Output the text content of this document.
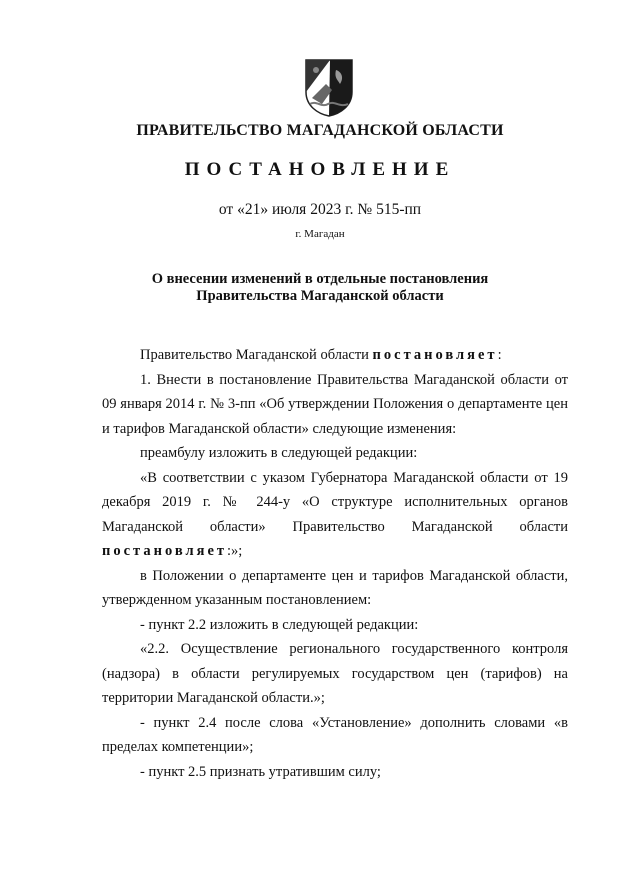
ПРАВИТЕЛЬСТВО МАГАДАНСКОЙ ОБЛАСТИ
ПОСТАНОВЛЕНИЕ
от «21» июля 2023 г. № 515-пп
г. Магадан
О внесении изменений в отдельные постановления
Правительства Магаданской области
Правительство Магаданской области постановляет:
1. Внести в постановление Правительства Магаданской области от 09 января 2014 г. № 3-пп «Об утверждении Положения о департаменте цен и тарифов Магаданской области» следующие изменения:
преамбулу изложить в следующей редакции:
«В соответствии с указом Губернатора Магаданской области от 19 декабря 2019 г. № 244-у «О структуре исполнительных органов Магаданской области» Правительство Магаданской области
постановляет:»;
в Положении о департаменте цен и тарифов Магаданской области, утвержденном указанным постановлением:
- пункт 2.2 изложить в следующей редакции:
«2.2. Осуществление регионального государственного контроля (надзора) в области регулируемых государством цен (тарифов) на территории Магаданской области.»;
- пункт 2.4 после слова «Установление» дополнить словами «в пределах компетенции»;
- пункт 2.5 признать утратившим силу;
